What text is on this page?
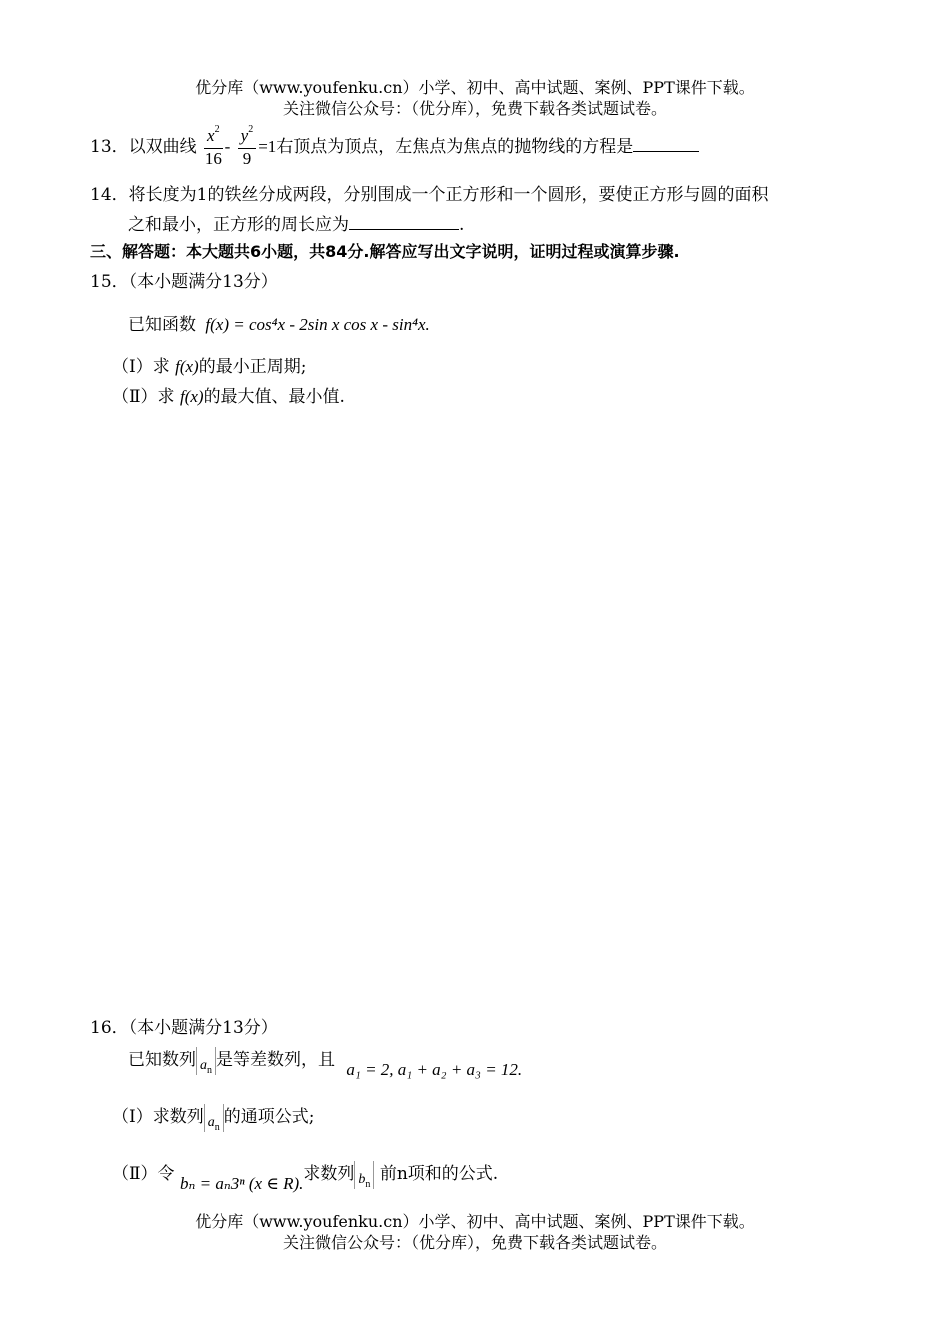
优分库（www.youfenku.cn）小学、初中、高中试题、案例、PPT课件下载。
关注微信公众号：（优分库），免费下载各类试题试卷。
13．以双曲线 $\frac{x^2}{16} - \frac{y^2}{9} =1$右顶点为顶点，左焦点为焦点的抛物线的方程是
14．将长度为1的铁丝分成两段，分别围成一个正方形和一个圆形，要使正方形与圆的面积
之和最小，正方形的周长应为	.
三、解答题：本大题共6小题，共84分.解答应写出文字说明，证明过程或演算步骤.
15．（本小题满分13分）
已知函数 f(x) = cos⁴x - 2sin x cos x - sin⁴x.
（Ⅰ）求 f(x)的最小正周期;
（Ⅱ）求 f(x)的最大值、最小值.
16．（本小题满分13分）
已知数列 $a_n$ 是等差数列，且 a₁ = 2, a₁ + a₂ + a₃ = 12.
（Ⅰ）求数列 $a_n$ 的通项公式;
（Ⅱ）令 bₙ = aₙ3ⁿ (x ∈ R).求数列 $b_n$ 前n项和的公式.
优分库（www.youfenku.cn）小学、初中、高中试题、案例、PPT课件下载。
关注微信公众号：（优分库），免费下载各类试题试卷。
